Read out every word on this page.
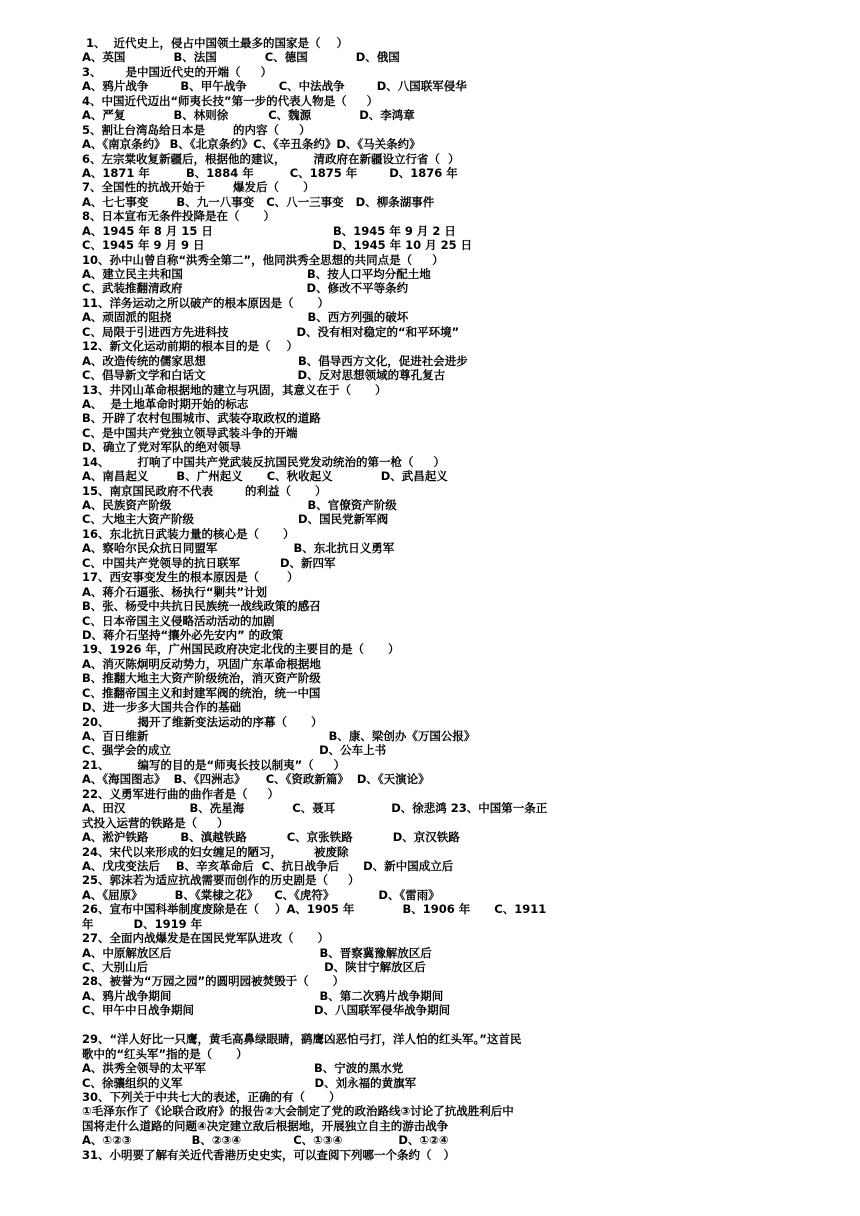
1、  近代史上，侵占中国领土最多的国家是（    ）
A、英国            B、法国            C、德国            D、俄国
3、      是中国近代史的开端（     ）
A、鸦片战争        B、甲午战争        C、中法战争        D、八国联军侵华
4、中国近代迈出“师夷长技”第一步的代表人物是（     ）
A、严复            B、林则徐          C、魏源            D、李鸿章
5、割让台湾岛给日本是       的内容（     ）
A、《南京条约》 B、《北京条约》C、《辛丑条约》D、《马关条约》
6、左宗棠收复新疆后，根据他的建议，       清政府在新疆设立行省（  ）
A、1871 年         B、1884 年         C、1875 年        D、1876 年
7、全国性的抗战开始于       爆发后（      ）
A、七七事变       B、九一八事变   C、八一三事变   D、柳条湖事件
8、日本宣布无条件投降是在（      ）
A、1945 年 8 月 15 日                              B、1945 年 9 月 2 日
C、1945 年 9 月 9 日                                D、1945 年 10 月 25 日
10、孙中山曾自称“洪秀全第二”，他同洪秀全思想的共同点是（     ）
A、建立民主共和国                               B、按人口平均分配土地
C、武装推翻清政府                               D、修改不平等条约
11、洋务运动之所以破产的根本原因是（      ）
A、顽固派的阻挠                                  B、西方列强的破坏
C、局限于引进西方先进科技                 D、没有相对稳定的“和平环境”
12、新文化运动前期的根本目的是（    ）
A、改造传统的儒家思想                       B、倡导西方文化，促进社会进步
C、倡导新文学和白话文                       D、反对思想领域的尊孔复古
13、井冈山革命根据地的建立与巩固，其意义在于（      ）
A、  是土地革命时期开始的标志
B、开辟了农村包围城市、武装夺取政权的道路
C、是中国共产党独立领导武装斗争的开端
D、确立了党对军队的绝对领导
14、       打响了中国共产党武装反抗国民党发动统治的第一枪（     ）
A、南昌起义       B、广州起义      C、秋收起义            D、武昌起义
15、南京国民政府不代表        的利益（      ）
A、民族资产阶级                                  B、官僚资产阶级
C、大地主大资产阶级                          D、国民党新军阀
16、东北抗日武装力量的核心是（      ）
A、察哈尔民众抗日同盟军                   B、东北抗日义勇军
C、中国共产党领导的抗日联军          D、新四军
17、西安事变发生的根本原因是（       ）
A、蒋介石逼张、杨执行“剿共”计划
B、张、杨受中共抗日民族统一战线政策的感召
C、日本帝国主义侵略活动活动的加剧
D、蒋介石坚持“攘外必先安内” 的政策
19、1926 年，广州国民政府决定北伐的主要目的是（      ）
A、消灭陈炯明反动势力，巩固广东革命根据地
B、推翻大地主大资产阶级统治，消灭资产阶级
C、推翻帝国主义和封建军阀的统治，统一中国
D、进一步多大国共合作的基础
20、       揭开了维新变法运动的序幕（      ）
A、百日维新                                             B、康、梁创办《万国公报》
C、强学会的成立                                     D、公车上书
21、       编写的目的是“师夷长技以制夷”（     ）
A、《海国图志》  B、《四洲志》     C、《资政新篇》  D、《天演论》
22、义勇军进行曲的曲作者是（     ）
A、田汉                B、冼星海            C、聂耳              D、徐悲鸿 23、中国第一条正
式投入运营的铁路是（     ）
A、淞沪铁路        B、滇越铁路          C、京张铁路          D、京汉铁路
24、宋代以来形成的妇女缠足的陋习，        被废除
A、戊戌变法后    B、辛亥革命后  C、抗日战争后      D、新中国成立后
25、郭沫若为适应抗战需要而创作的历史剧是（     ）
A、《屈原》        B、《棠棣之花》    C、《虎符》           D、《雷雨》
26、宣布中国科举制度废除是在（    ）A、1905 年            B、1906 年      C、1911
年          D、1919 年
27、全面内战爆发是在国民党军队进攻（      ）
A、中原解放区后                                     B、晋察冀豫解放区后
C、大别山后                                            D、陕甘宁解放区后
28、被誉为“万园之园”的圆明园被焚毁于（      ）
A、鸦片战争期间                                     B、第二次鸦片战争期间
C、甲午中日战争期间                              D、八国联军侵华战争期间
29、“洋人好比一只鹰，黄毛高鼻绿眼睛，鹞鹰凶恶怕弓打，洋人怕的红头军。”这首民
歌中的“红头军”指的是（      ）
A、洪秀全领导的太平军                           B、宁波的黑水党
C、徐骧组织的义军                                 D、刘永福的黄旗军
30、下列关于中共七大的表述，正确的有（      ）
①毛泽东作了《论联合政府》的报告②大会制定了党的政治路线③讨论了抗战胜利后中
国将走什么道路的问题④决定建立敌后根据地，开展独立自主的游击战争
A、①②③               B、②③④             C、①③④              D、①②④
31、小明要了解有关近代香港历史史实，可以查阅下列哪一个条约（   ）
